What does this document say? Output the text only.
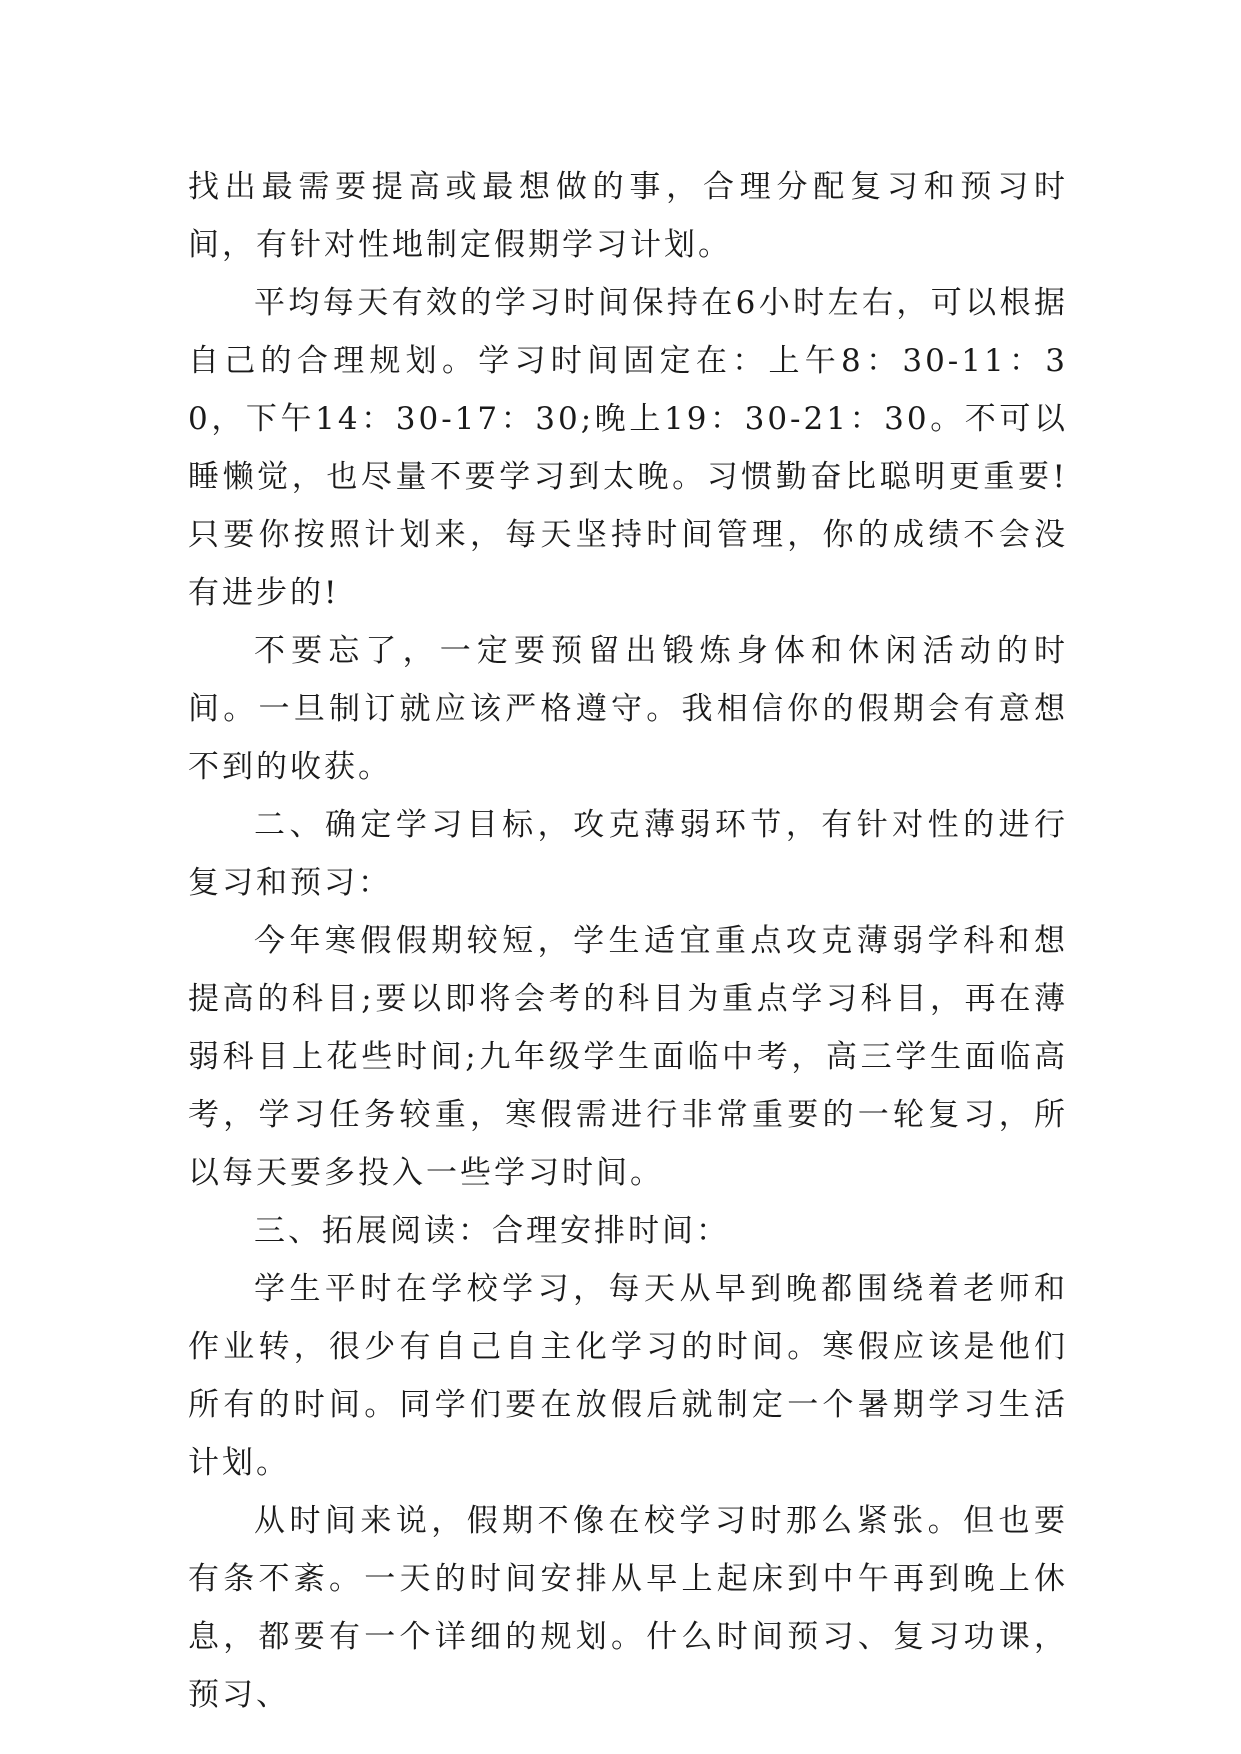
找出最需要提高或最想做的事，合理分配复习和预习时间，有针对性地制定假期学习计划。

平均每天有效的学习时间保持在6小时左右，可以根据自己的合理规划。学习时间固定在：上午8：30-11：30，下午14：30-17：30;晚上19：30-21：30。不可以睡懒觉，也尽量不要学习到太晚。习惯勤奋比聪明更重要!只要你按照计划来，每天坚持时间管理，你的成绩不会没有进步的!

不要忘了，一定要预留出锻炼身体和休闲活动的时间。一旦制订就应该严格遵守。我相信你的假期会有意想不到的收获。

二、确定学习目标，攻克薄弱环节，有针对性的进行复习和预习：

今年寒假假期较短，学生适宜重点攻克薄弱学科和想提高的科目;要以即将会考的科目为重点学习科目，再在薄弱科目上花些时间;九年级学生面临中考，高三学生面临高考，学习任务较重，寒假需进行非常重要的一轮复习，所以每天要多投入一些学习时间。

三、拓展阅读：合理安排时间：

学生平时在学校学习，每天从早到晚都围绕着老师和作业转，很少有自己自主化学习的时间。寒假应该是他们所有的时间。同学们要在放假后就制定一个暑期学习生活计划。

从时间来说，假期不像在校学习时那么紧张。但也要有条不紊。一天的时间安排从早上起床到中午再到晚上休息，都要有一个详细的规划。什么时间预习、复习功课，预习、
